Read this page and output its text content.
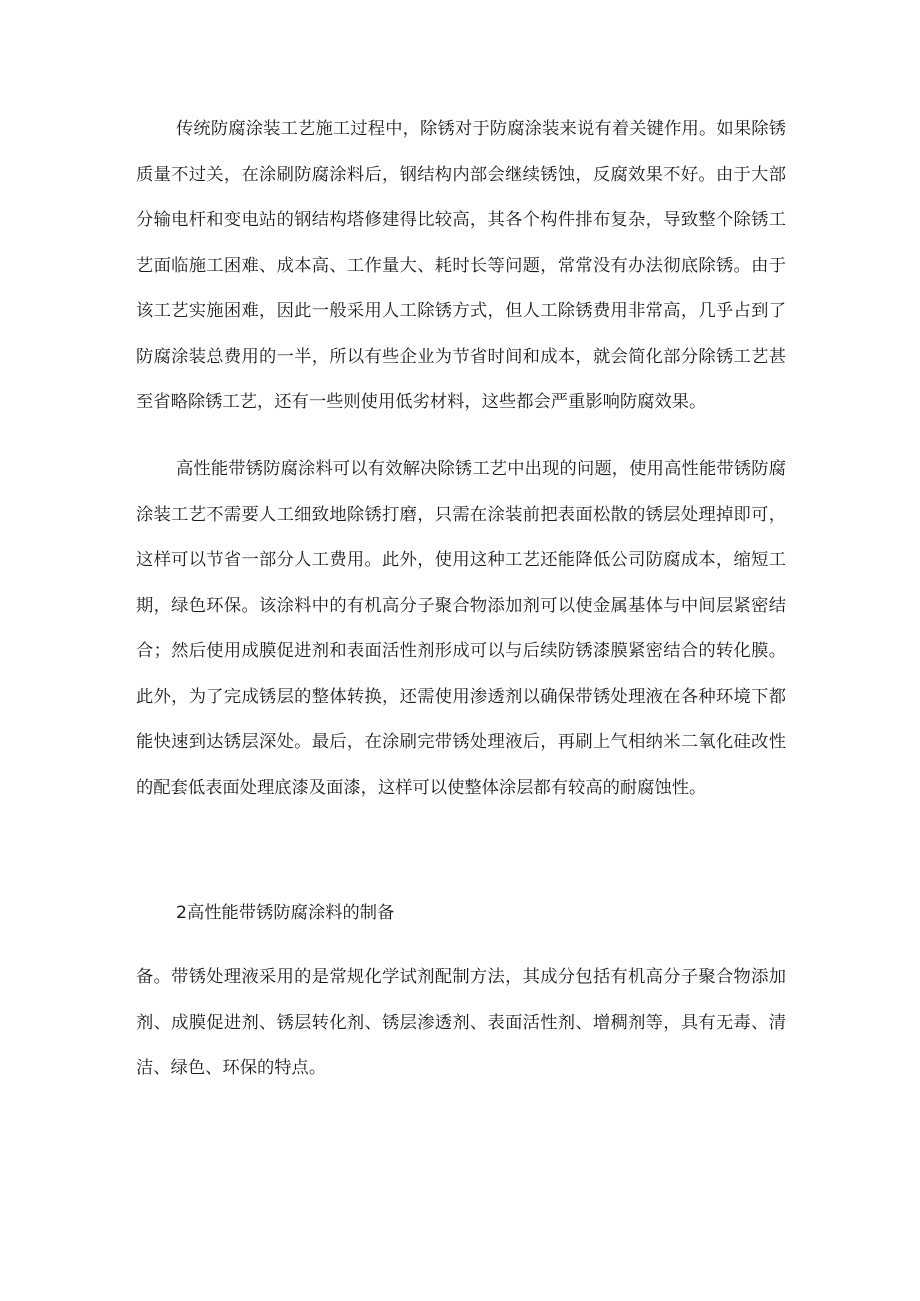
传统防腐涂装工艺施工过程中，除锈对于防腐涂装来说有着关键作用。如果除锈质量不过关，在涂刷防腐涂料后，钢结构内部会继续锈蚀，反腐效果不好。由于大部分输电杆和变电站的钢结构塔修建得比较高，其各个构件排布复杂，导致整个除锈工艺面临施工困难、成本高、工作量大、耗时长等问题，常常没有办法彻底除锈。由于该工艺实施困难，因此一般采用人工除锈方式，但人工除锈费用非常高，几乎占到了防腐涂装总费用的一半，所以有些企业为节省时间和成本，就会简化部分除锈工艺甚至省略除锈工艺，还有一些则使用低劣材料，这些都会严重影响防腐效果。

高性能带锈防腐涂料可以有效解决除锈工艺中出现的问题，使用高性能带锈防腐涂装工艺不需要人工细致地除锈打磨，只需在涂装前把表面松散的锈层处理掉即可，这样可以节省一部分人工费用。此外，使用这种工艺还能降低公司防腐成本，缩短工期，绿色环保。该涂料中的有机高分子聚合物添加剂可以使金属基体与中间层紧密结合；然后使用成膜促进剂和表面活性剂形成可以与后续防锈漆膜紧密结合的转化膜。此外，为了完成锈层的整体转换，还需使用渗透剂以确保带锈处理液在各种环境下都能快速到达锈层深处。最后，在涂刷完带锈处理液后，再刷上气相纳米二氧化硅改性的配套低表面处理底漆及面漆，这样可以使整体涂层都有较高的耐腐蚀性。

2高性能带锈防腐涂料的制备

备。带锈处理液采用的是常规化学试剂配制方法，其成分包括有机高分子聚合物添加剂、成膜促进剂、锈层转化剂、锈层渗透剂、表面活性剂、增稠剂等，具有无毒、清洁、绿色、环保的特点。
